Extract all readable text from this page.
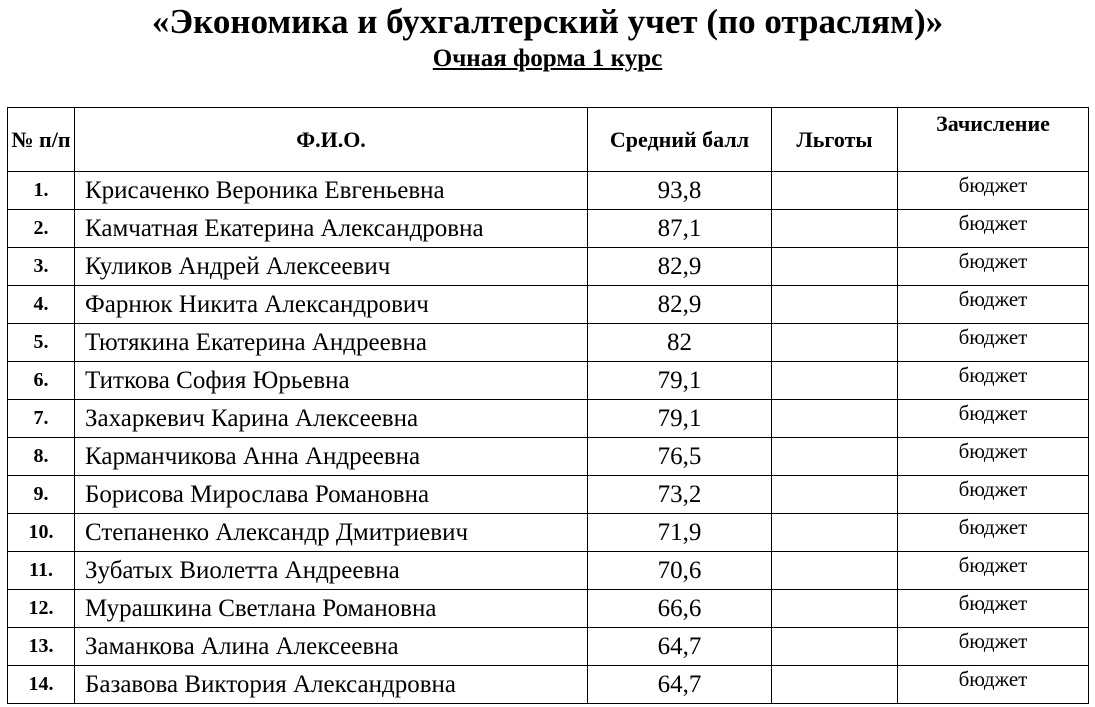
«Экономика и бухгалтерский учет (по отраслям)»
Очная форма 1 курс
№ п/п	Ф.И.О.	Средний балл	Льготы	Зачисление
1.	Крисаченко Вероника Евгеньевна	93,8		бюджет
2.	Камчатная Екатерина Александровна	87,1		бюджет
3.	Куликов Андрей Алексеевич	82,9		бюджет
4.	Фарнюк Никита Александрович	82,9		бюджет
5.	Тютякина Екатерина Андреевна	82		бюджет
6.	Титкова София Юрьевна	79,1		бюджет
7.	Захаркевич Карина Алексеевна	79,1		бюджет
8.	Карманчикова Анна Андреевна	76,5		бюджет
9.	Борисова Мирослава Романовна	73,2		бюджет
10.	Степаненко Александр Дмитриевич	71,9		бюджет
11.	Зубатых Виолетта Андреевна	70,6		бюджет
12.	Мурашкина Светлана Романовна	66,6		бюджет
13.	Заманкова Алина Алексеевна	64,7		бюджет
14.	Базавова Виктория Александровна	64,7		бюджет
